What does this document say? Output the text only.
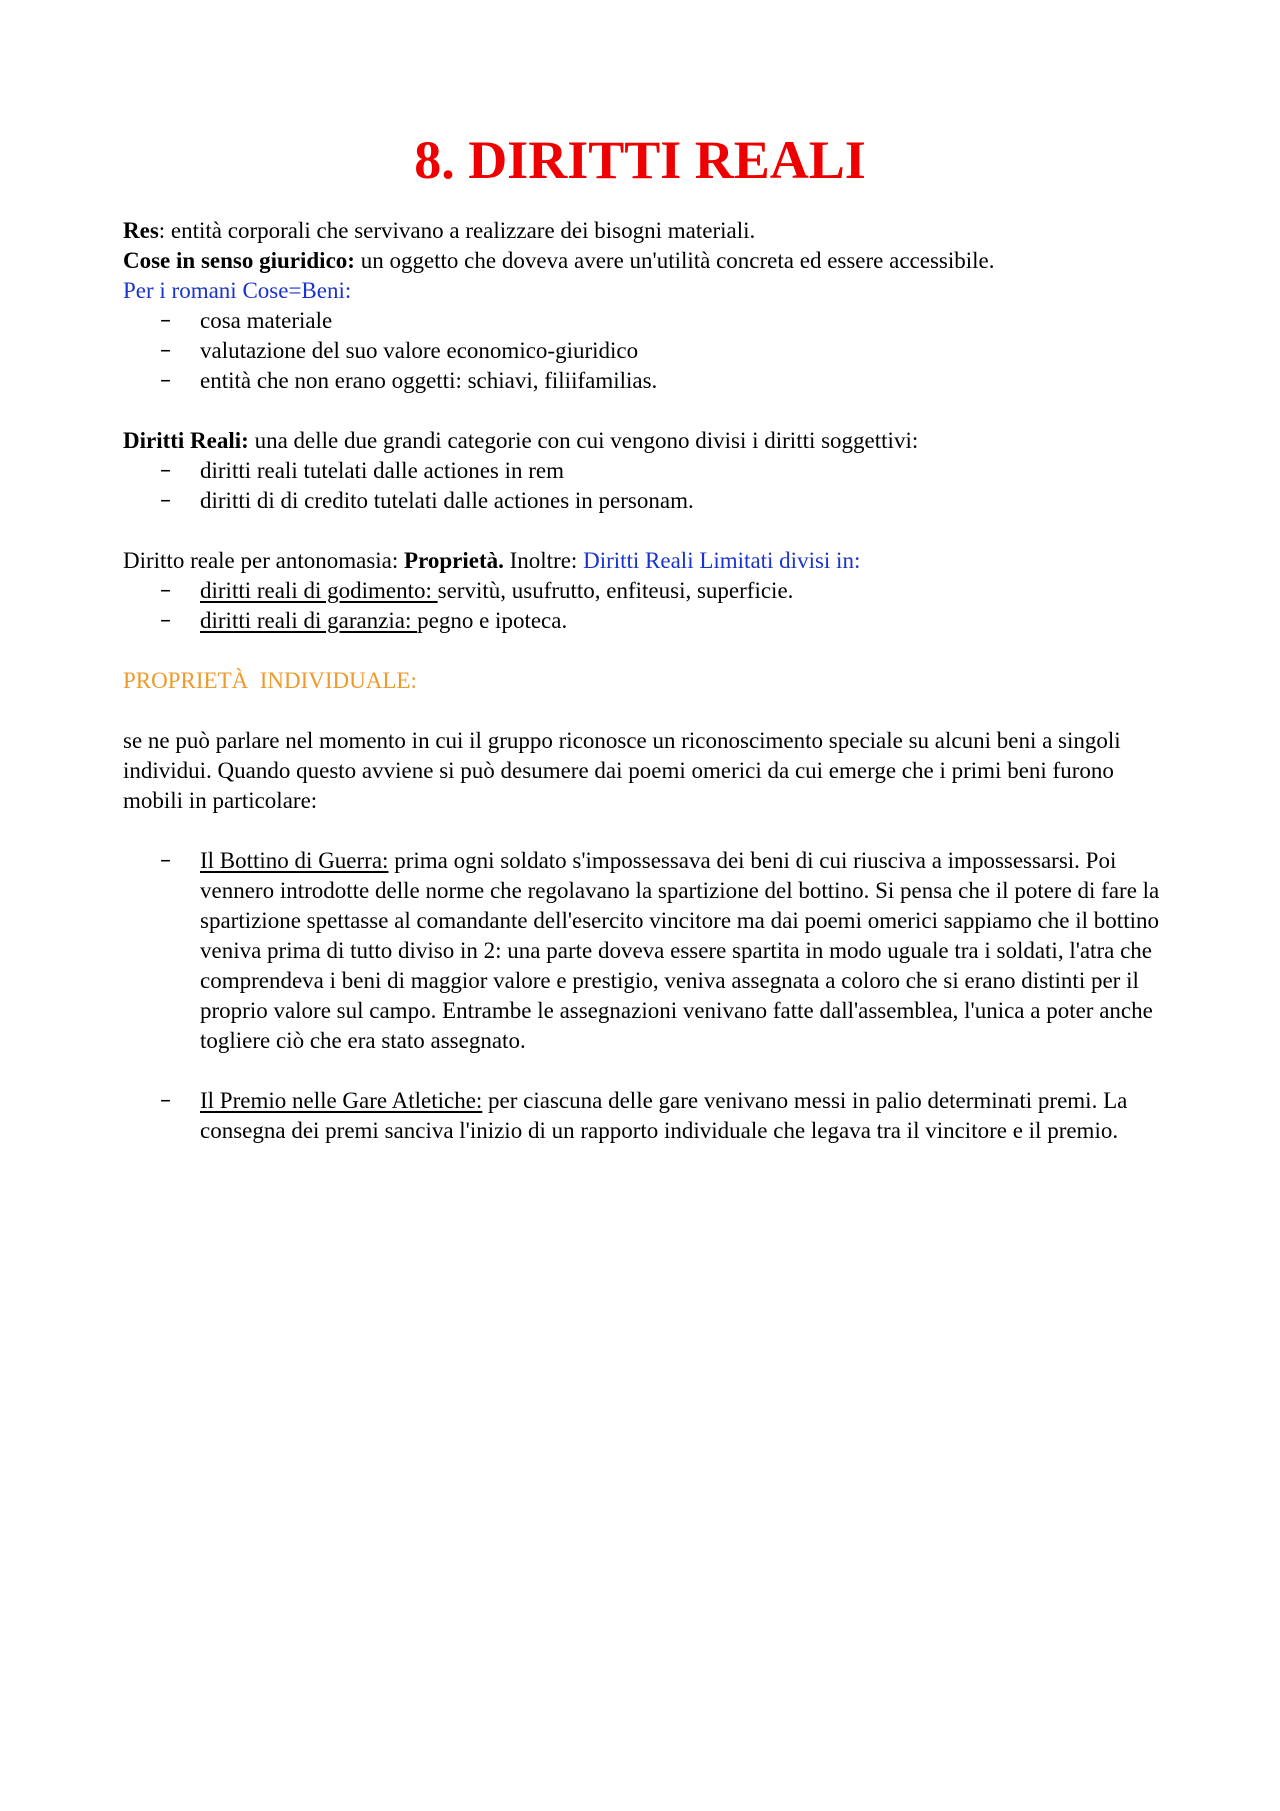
8. DIRITTI REALI

Res: entità corporali che servivano a realizzare dei bisogni materiali.

Cose in senso giuridico: un oggetto che doveva avere un'utilità concreta ed essere accessibile.

Per i romani Cose=Beni:

– cosa materiale
– valutazione del suo valore economico-giuridico
– entità che non erano oggetti: schiavi, filiifamilias.

Diritti Reali: una delle due grandi categorie con cui vengono divisi i diritti soggettivi:

– diritti reali tutelati dalle actiones in rem
– diritti di di credito tutelati dalle actiones in personam.

Diritto reale per antonomasia: Proprietà. Inoltre: Diritti Reali Limitati divisi in:

– diritti reali di godimento: servitù, usufrutto, enfiteusi, superficie.
– diritti reali di garanzia: pegno e ipoteca.

PROPRIETÀ  INDIVIDUALE:

se ne può parlare nel momento in cui il gruppo riconosce un riconoscimento speciale su alcuni beni a singoli individui. Quando questo avviene si può desumere dai poemi omerici da cui emerge che i primi beni furono mobili in particolare:

– Il Bottino di Guerra: prima ogni soldato s'impossessava dei beni di cui riusciva a impossessarsi. Poi vennero introdotte delle norme che regolavano la spartizione del bottino. Si pensa che il potere di fare la spartizione spettasse al comandante dell'esercito vincitore ma dai poemi omerici sappiamo che il bottino veniva prima di tutto diviso in 2: una parte doveva essere spartita in modo uguale tra i soldati, l'atra che comprendeva i beni di maggior valore e prestigio, veniva assegnata a coloro che si erano distinti per il proprio valore sul campo. Entrambe le assegnazioni venivano fatte dall'assemblea, l'unica a poter anche togliere ciò che era stato assegnato.
– Il Premio nelle Gare Atletiche: per ciascuna delle gare venivano messi in palio determinati premi. La consegna dei premi sanciva l'inizio di un rapporto individuale che legava tra il vincitore e il premio.
